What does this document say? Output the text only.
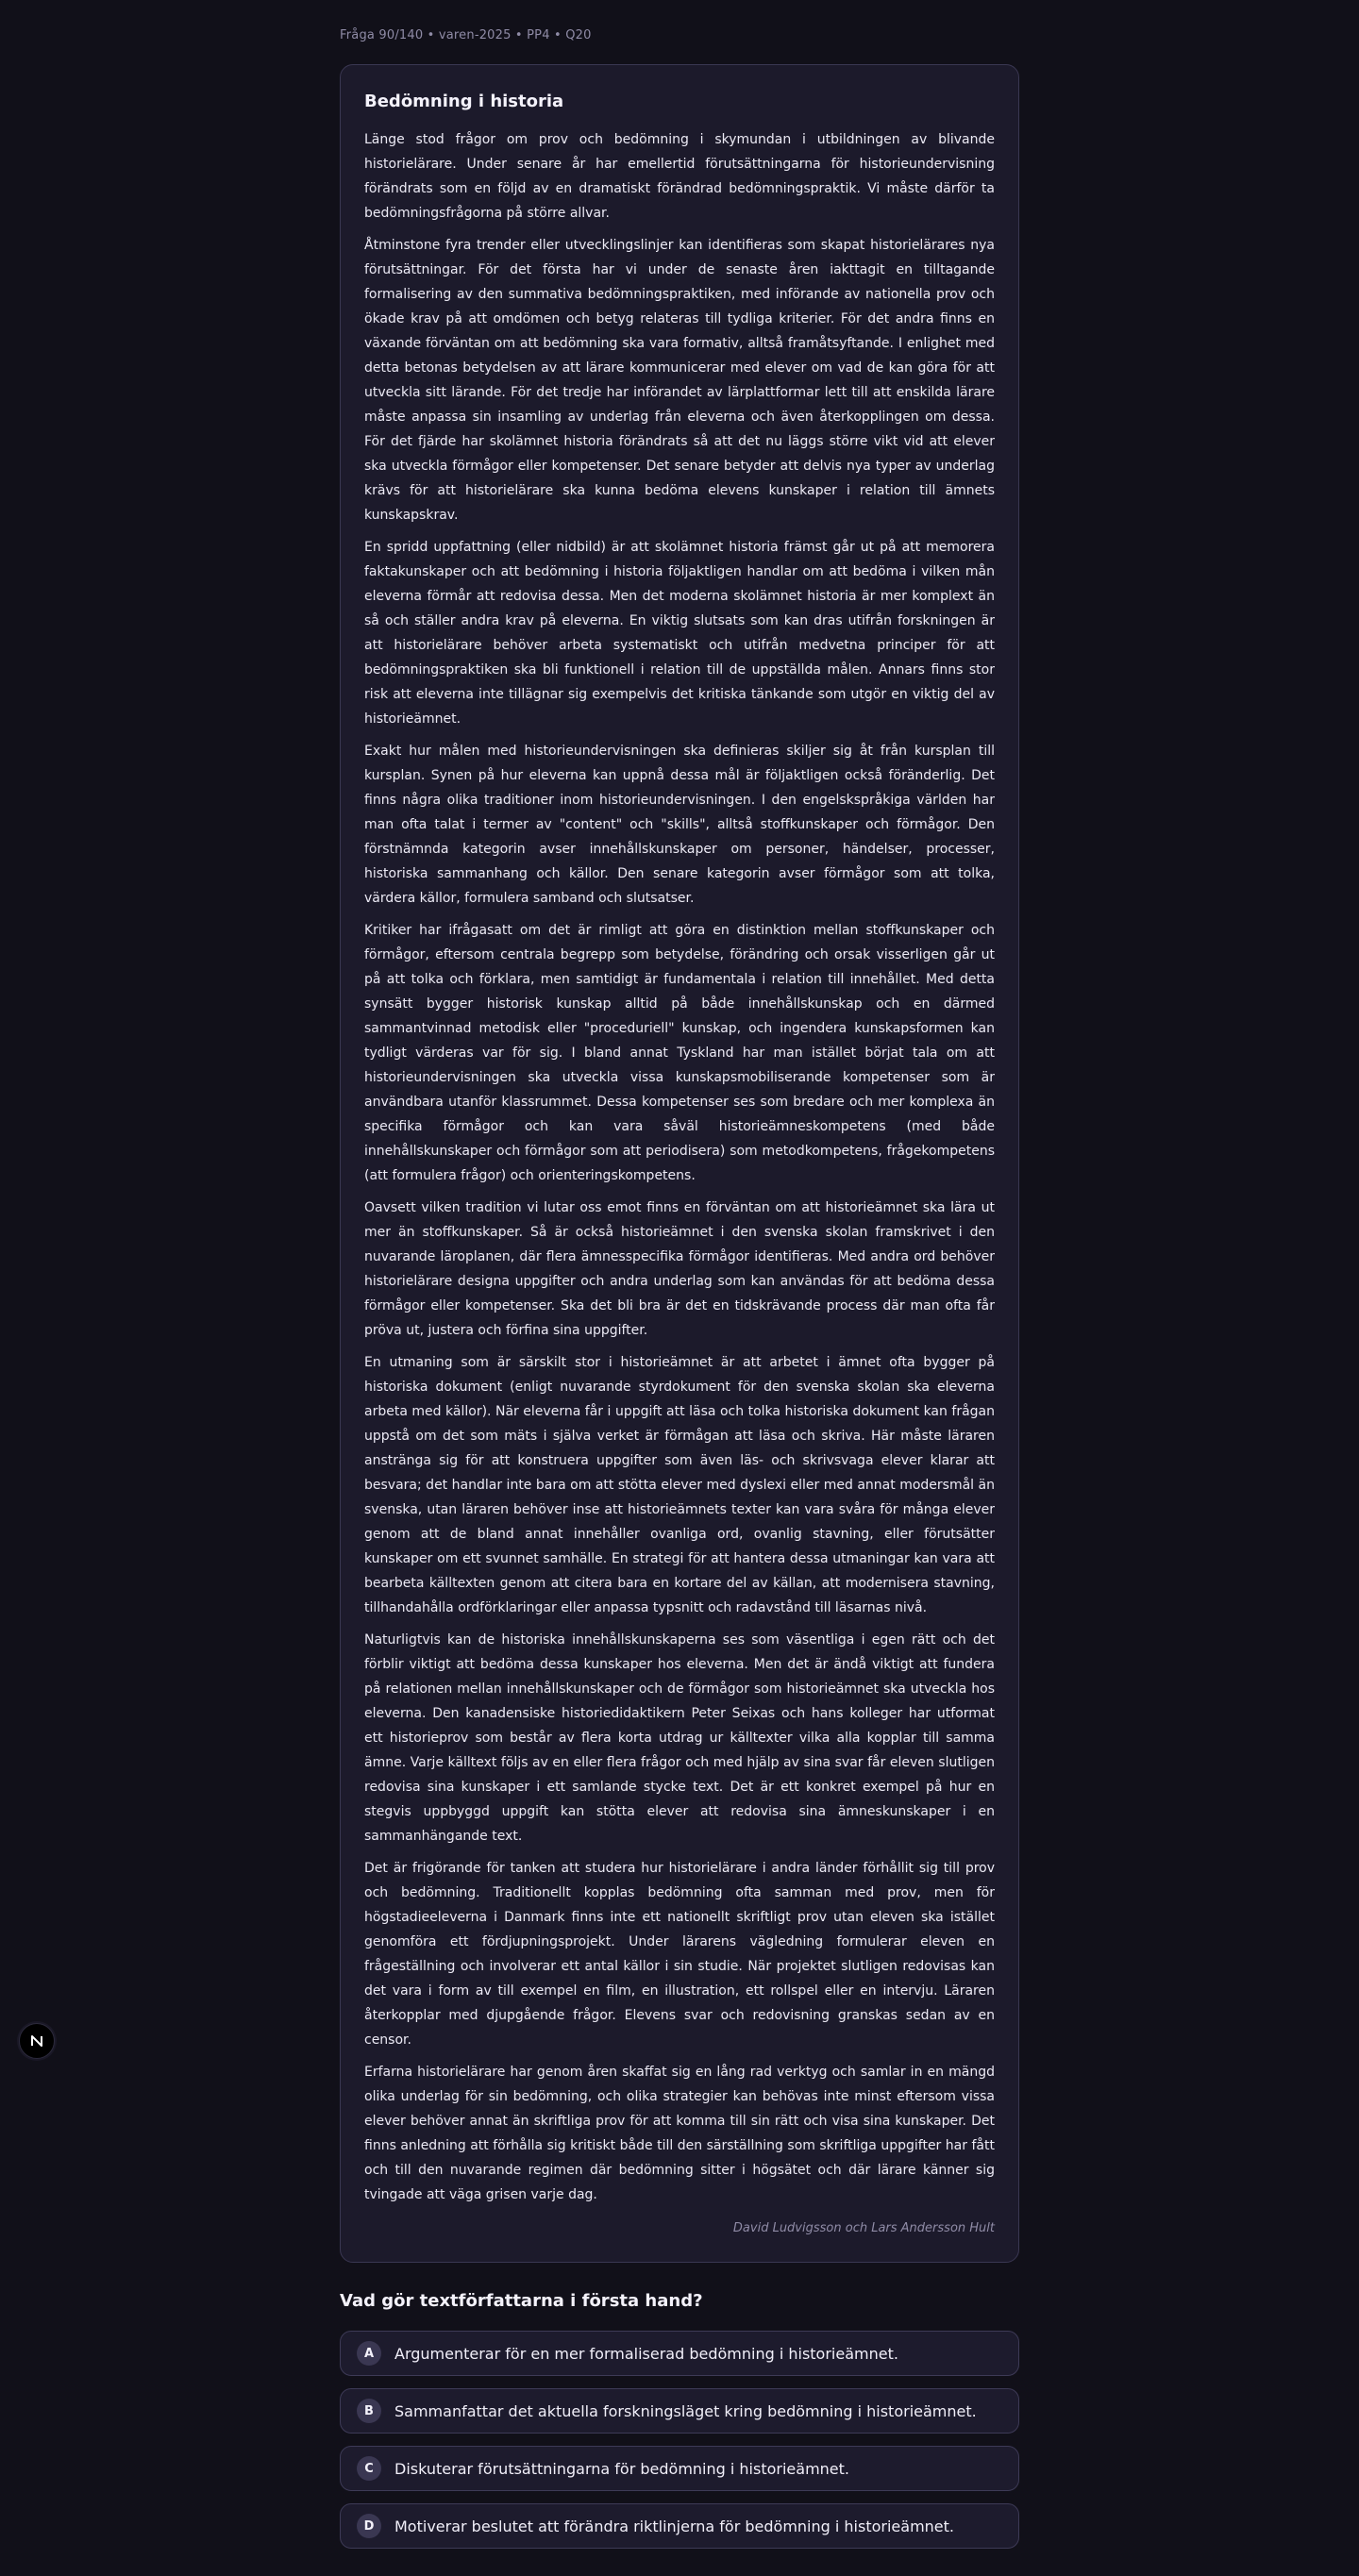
Fråga 90/140 • varen-2025 • PP4 • Q20
Bedömning i historia

Länge stod frågor om prov och bedömning i skymundan i utbildningen av blivande historielärare. Under senare år har emellertid förutsättningarna för historieundervisning förändrats som en följd av en dramatiskt förändrad bedömningspraktik. Vi måste därför ta bedömningsfrågorna på större allvar.

Åtminstone fyra trender eller utvecklingslinjer kan identifieras som skapat historielärares nya förutsättningar. För det första har vi under de senaste åren iakttagit en tilltagande formalisering av den summativa bedömningspraktiken, med införande av nationella prov och ökade krav på att omdömen och betyg relateras till tydliga kriterier. För det andra finns en växande förväntan om att bedömning ska vara formativ, alltså framåtsyftande. I enlighet med detta betonas betydelsen av att lärare kommunicerar med elever om vad de kan göra för att utveckla sitt lärande. För det tredje har införandet av lärplattformar lett till att enskilda lärare måste anpassa sin insamling av underlag från eleverna och även återkopplingen om dessa. För det fjärde har skolämnet historia förändrats så att det nu läggs större vikt vid att elever ska utveckla förmågor eller kompetenser. Det senare betyder att delvis nya typer av underlag krävs för att historielärare ska kunna bedöma elevens kunskaper i relation till ämnets kunskapskrav.

En spridd uppfattning (eller nidbild) är att skolämnet historia främst går ut på att memorera faktakunskaper och att bedömning i historia följaktligen handlar om att bedöma i vilken mån eleverna förmår att redovisa dessa. Men det moderna skolämnet historia är mer komplext än så och ställer andra krav på eleverna. En viktig slutsats som kan dras utifrån forskningen är att historielärare behöver arbeta systematiskt och utifrån medvetna principer för att bedömningspraktiken ska bli funktionell i relation till de uppställda målen. Annars finns stor risk att eleverna inte tillägnar sig exempelvis det kritiska tänkande som utgör en viktig del av historieämnet.

Exakt hur målen med historieundervisningen ska definieras skiljer sig åt från kursplan till kursplan. Synen på hur eleverna kan uppnå dessa mål är följaktligen också föränderlig. Det finns några olika traditioner inom historieundervisningen. I den engelskspråkiga världen har man ofta talat i termer av "content" och "skills", alltså stoffkunskaper och förmågor. Den förstnämnda kategorin avser innehållskunskaper om personer, händelser, processer, historiska sammanhang och källor. Den senare kategorin avser förmågor som att tolka, värdera källor, formulera samband och slutsatser.

Kritiker har ifrågasatt om det är rimligt att göra en distinktion mellan stoffkunskaper och förmågor, eftersom centrala begrepp som betydelse, förändring och orsak visserligen går ut på att tolka och förklara, men samtidigt är fundamentala i relation till innehållet. Med detta synsätt bygger historisk kunskap alltid på både innehållskunskap och en därmed sammantvinnad metodisk eller "proceduriell" kunskap, och ingendera kunskapsformen kan tydligt värderas var för sig. I bland annat Tyskland har man istället börjat tala om att historieundervisningen ska utveckla vissa kunskapsmobiliserande kompetenser som är användbara utanför klassrummet. Dessa kompetenser ses som bredare och mer komplexa än specifika förmågor och kan vara såväl historieämneskompetens (med både innehållskunskaper och förmågor som att periodisera) som metodkompetens, frågekompetens (att formulera frågor) och orienteringskompetens.

Oavsett vilken tradition vi lutar oss emot finns en förväntan om att historieämnet ska lära ut mer än stoffkunskaper. Så är också historieämnet i den svenska skolan framskrivet i den nuvarande läroplanen, där flera ämnesspecifika förmågor identifieras. Med andra ord behöver historielärare designa uppgifter och andra underlag som kan användas för att bedöma dessa förmågor eller kompetenser. Ska det bli bra är det en tidskrävande process där man ofta får pröva ut, justera och förfina sina uppgifter.

En utmaning som är särskilt stor i historieämnet är att arbetet i ämnet ofta bygger på historiska dokument (enligt nuvarande styrdokument för den svenska skolan ska eleverna arbeta med källor). När eleverna får i uppgift att läsa och tolka historiska dokument kan frågan uppstå om det som mäts i själva verket är förmågan att läsa och skriva. Här måste läraren anstränga sig för att konstruera uppgifter som även läs- och skrivsvaga elever klarar att besvara; det handlar inte bara om att stötta elever med dyslexi eller med annat modersmål än svenska, utan läraren behöver inse att historieämnets texter kan vara svåra för många elever genom att de bland annat innehåller ovanliga ord, ovanlig stavning, eller förutsätter kunskaper om ett svunnet samhälle. En strategi för att hantera dessa utmaningar kan vara att bearbeta källtexten genom att citera bara en kortare del av källan, att modernisera stavning, tillhandahålla ordförklaringar eller anpassa typsnitt och radavstånd till läsarnas nivå.

Naturligtvis kan de historiska innehållskunskaperna ses som väsentliga i egen rätt och det förblir viktigt att bedöma dessa kunskaper hos eleverna. Men det är ändå viktigt att fundera på relationen mellan innehållskunskaper och de förmågor som historieämnet ska utveckla hos eleverna. Den kanadensiske historiedidaktikern Peter Seixas och hans kolleger har utformat ett historieprov som består av flera korta utdrag ur källtexter vilka alla kopplar till samma ämne. Varje källtext följs av en eller flera frågor och med hjälp av sina svar får eleven slutligen redovisa sina kunskaper i ett samlande stycke text. Det är ett konkret exempel på hur en stegvis uppbyggd uppgift kan stötta elever att redovisa sina ämneskunskaper i en sammanhängande text.

Det är frigörande för tanken att studera hur historielärare i andra länder förhållit sig till prov och bedömning. Traditionellt kopplas bedömning ofta samman med prov, men för högstadieeleverna i Danmark finns inte ett nationellt skriftligt prov utan eleven ska istället genomföra ett fördjupningsprojekt. Under lärarens vägledning formulerar eleven en frågeställning och involverar ett antal källor i sin studie. När projektet slutligen redovisas kan det vara i form av till exempel en film, en illustration, ett rollspel eller en intervju. Läraren återkopplar med djupgående frågor. Elevens svar och redovisning granskas sedan av en censor.

Erfarna historielärare har genom åren skaffat sig en lång rad verktyg och samlar in en mängd olika underlag för sin bedömning, och olika strategier kan behövas inte minst eftersom vissa elever behöver annat än skriftliga prov för att komma till sin rätt och visa sina kunskaper. Det finns anledning att förhålla sig kritiskt både till den särställning som skriftliga uppgifter har fått och till den nuvarande regimen där bedömning sitter i högsätet och där lärare känner sig tvingade att väga grisen varje dag.

David Ludvigsson och Lars Andersson Hult
Vad gör textförfattarna i första hand?
A	Argumenterar för en mer formaliserad bedömning i historieämnet.
B	Sammanfattar det aktuella forskningsläget kring bedömning i historieämnet.
C	Diskuterar förutsättningarna för bedömning i historieämnet.
D	Motiverar beslutet att förändra riktlinjerna för bedömning i historieämnet.
